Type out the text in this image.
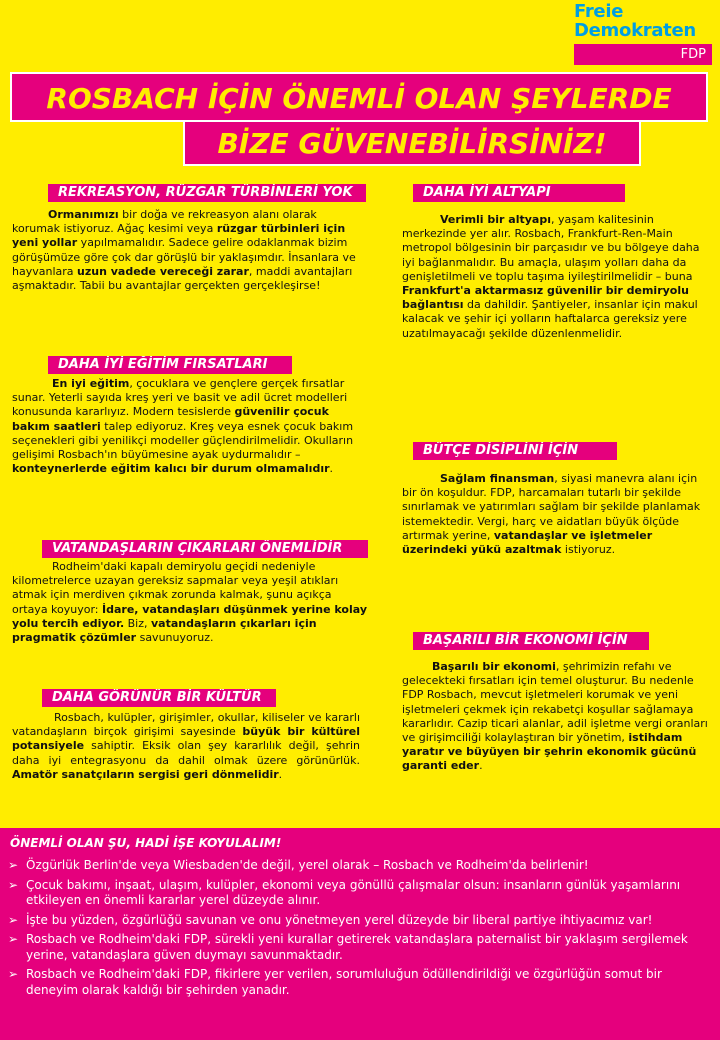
Freie
Demokraten
FDP
ROSBACH İÇİN ÖNEMLİ OLAN ŞEYLERDE
BİZE GÜVENEBİLİRSİNİZ!
REKREASYON, RÜZGAR TÜRBİNLERİ YOK

Ormanımızı bir doğa ve rekreasyon alanı olarak korumak istiyoruz. Ağaç kesimi veya rüzgar türbinleri için yeni yollar yapılmamalıdır. Sadece gelire odaklanmak bizim görüşümüze göre çok dar görüşlü bir yaklaşımdır. İnsanlara ve hayvanlara uzun vadede vereceği zarar, maddi avantajları aşmaktadır. Tabii bu avantajlar gerçekten gerçekleşirse!

DAHA İYİ EĞİTİM FIRSATLARI

En iyi eğitim, çocuklara ve gençlere gerçek fırsatlar sunar. Yeterli sayıda kreş yeri ve basit ve adil ücret modelleri konusunda kararlıyız. Modern tesislerde güvenilir çocuk bakım saatleri talep ediyoruz. Kreş veya esnek çocuk bakım seçenekleri gibi yenilikçi modeller güçlendirilmelidir. Okulların gelişimi Rosbach'ın büyümesine ayak uydurmalıdır – konteynerlerde eğitim kalıcı bir durum olmamalıdır.

VATANDAŞLARIN ÇIKARLARI ÖNEMLİDİR

Rodheim'daki kapalı demiryolu geçidi nedeniyle kilometrelerce uzayan gereksiz sapmalar veya yeşil atıkları atmak için merdiven çıkmak zorunda kalmak, şunu açıkça ortaya koyuyor: İdare, vatandaşları düşünmek yerine kolay yolu tercih ediyor. Biz, vatandaşların çıkarları için pragmatik çözümler savunuyoruz.

DAHA GÖRÜNÜR BİR KÜLTÜR

Rosbach, kulüpler, girişimler, okullar, kiliseler ve kararlı vatandaşların birçok girişimi sayesinde büyük bir kültürel potansiyele sahiptir. Eksik olan şey kararlılık değil, şehrin daha iyi entegrasyonu da dahil olmak üzere görünürlük. Amatör sanatçıların sergisi geri dönmelidir.

DAHA İYİ ALTYAPI

Verimli bir altyapı, yaşam kalitesinin merkezinde yer alır. Rosbach, Frankfurt-Ren-Main metropol bölgesinin bir parçasıdır ve bu bölgeye daha iyi bağlanmalıdır. Bu amaçla, ulaşım yolları daha da genişletilmeli ve toplu taşıma iyileştirilmelidir – buna Frankfurt'a aktarmasız güvenilir bir demiryolu bağlantısı da dahildir. Şantiyeler, insanlar için makul kalacak ve şehir içi yolların haftalarca gereksiz yere uzatılmayacağı şekilde düzenlenmelidir.

BÜTÇE DİSİPLİNİ İÇİN

Sağlam finansman, siyasi manevra alanı için bir ön koşuldur. FDP, harcamaları tutarlı bir şekilde sınırlamak ve yatırımları sağlam bir şekilde planlamak istemektedir. Vergi, harç ve aidatları büyük ölçüde artırmak yerine, vatandaşlar ve işletmeler üzerindeki yükü azaltmak istiyoruz.

BAŞARILI BİR EKONOMİ İÇİN

Başarılı bir ekonomi, şehrimizin refahı ve gelecekteki fırsatları için temel oluşturur. Bu nedenle FDP Rosbach, mevcut işletmeleri korumak ve yeni işletmeleri çekmek için rekabetçi koşullar sağlamaya kararlıdır. Cazip ticari alanlar, adil işletme vergi oranları ve girişimciliği kolaylaştıran bir yönetim, istihdam yaratır ve büyüyen bir şehrin ekonomik gücünü garanti eder.

ÖNEMLİ OLAN ŞU, HADİ İŞE KOYULALIM!
➢ Özgürlük Berlin'de veya Wiesbaden'de değil, yerel olarak – Rosbach ve Rodheim'da belirlenir!
➢ Çocuk bakımı, inşaat, ulaşım, kulüpler, ekonomi veya gönüllü çalışmalar olsun: insanların günlük yaşamlarını etkileyen en önemli kararlar yerel düzeyde alınır.
➢ İşte bu yüzden, özgürlüğü savunan ve onu yönetmeyen yerel düzeyde bir liberal partiye ihtiyacımız var!
➢ Rosbach ve Rodheim'daki FDP, sürekli yeni kurallar getirerek vatandaşlara paternalist bir yaklaşım sergilemek yerine, vatandaşlara güven duymayı savunmaktadır.
➢ Rosbach ve Rodheim'daki FDP, fikirlere yer verilen, sorumluluğun ödüllendirildiği ve özgürlüğün somut bir deneyim olarak kaldığı bir şehirden yanadır.
